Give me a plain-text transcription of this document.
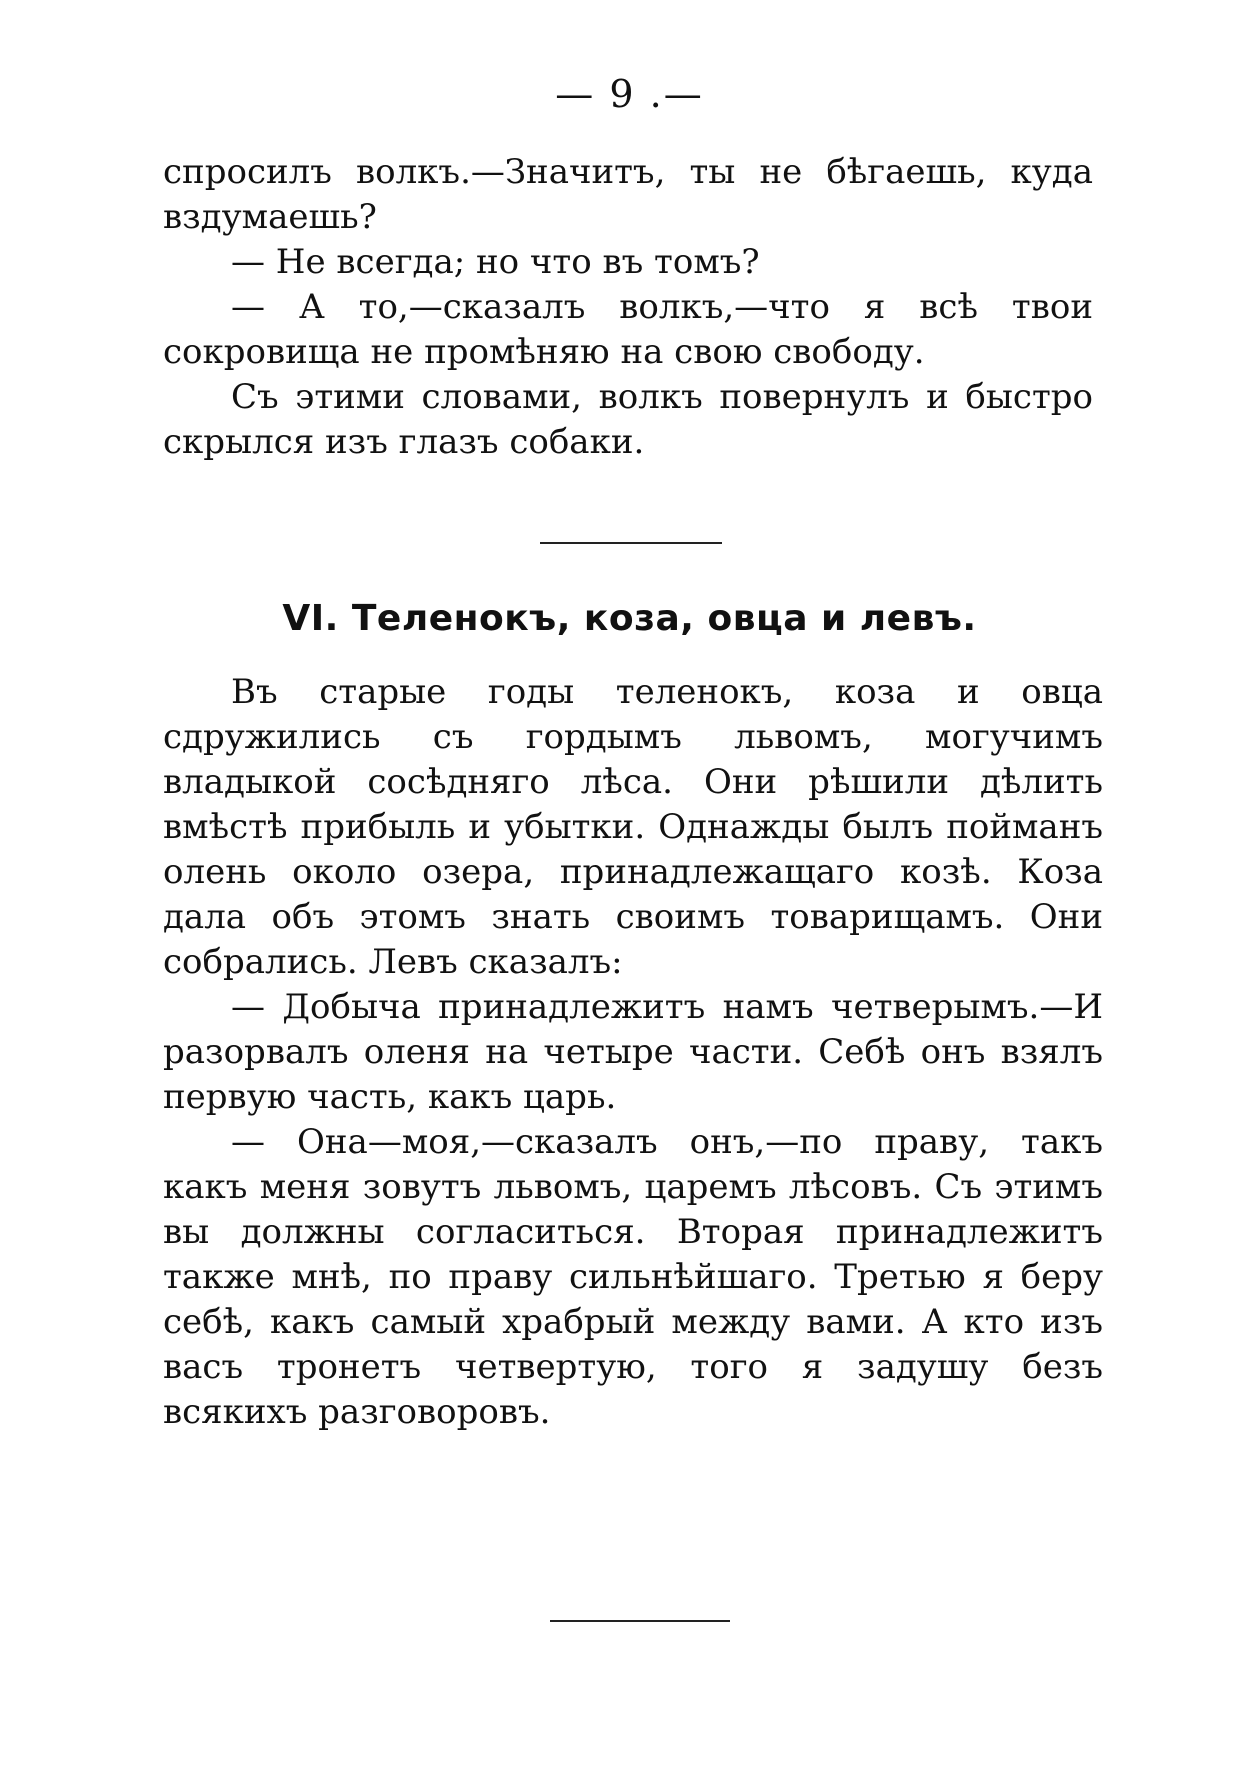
— 9 .—

спросилъ волкъ.—Значитъ, ты не бѣгаешь, куда вздумаешь?

— Не всегда; но что въ томъ?

— А то,—сказалъ волкъ,—что я всѣ твои сокровища не промѣняю на свою свободу.

Съ этими словами, волкъ повернулъ и быстро скрылся изъ глазъ собаки.

VI. Теленокъ, коза, овца и левъ.

Въ старые годы теленокъ, коза и овца сдружились съ гордымъ львомъ, могучимъ владыкой сосѣдняго лѣса. Они рѣшили дѣлить вмѣстѣ прибыль и убытки. Однажды былъ пойманъ олень около озера, принадлежащаго козѣ. Коза дала объ этомъ знать своимъ товарищамъ. Они собрались. Левъ сказалъ:

— Добыча принадлежитъ намъ четверымъ.—И разорвалъ оленя на четыре части. Себѣ онъ взялъ первую часть, какъ царь.

— Она—моя,—сказалъ онъ,—по праву, такъ какъ меня зовутъ львомъ, царемъ лѣсовъ. Съ этимъ вы должны согласиться. Вторая принадлежитъ также мнѣ, по праву сильнѣйшаго. Третью я беру себѣ, какъ самый храбрый между вами. А кто изъ васъ тронетъ четвертую, того я задушу безъ всякихъ разговоровъ.
